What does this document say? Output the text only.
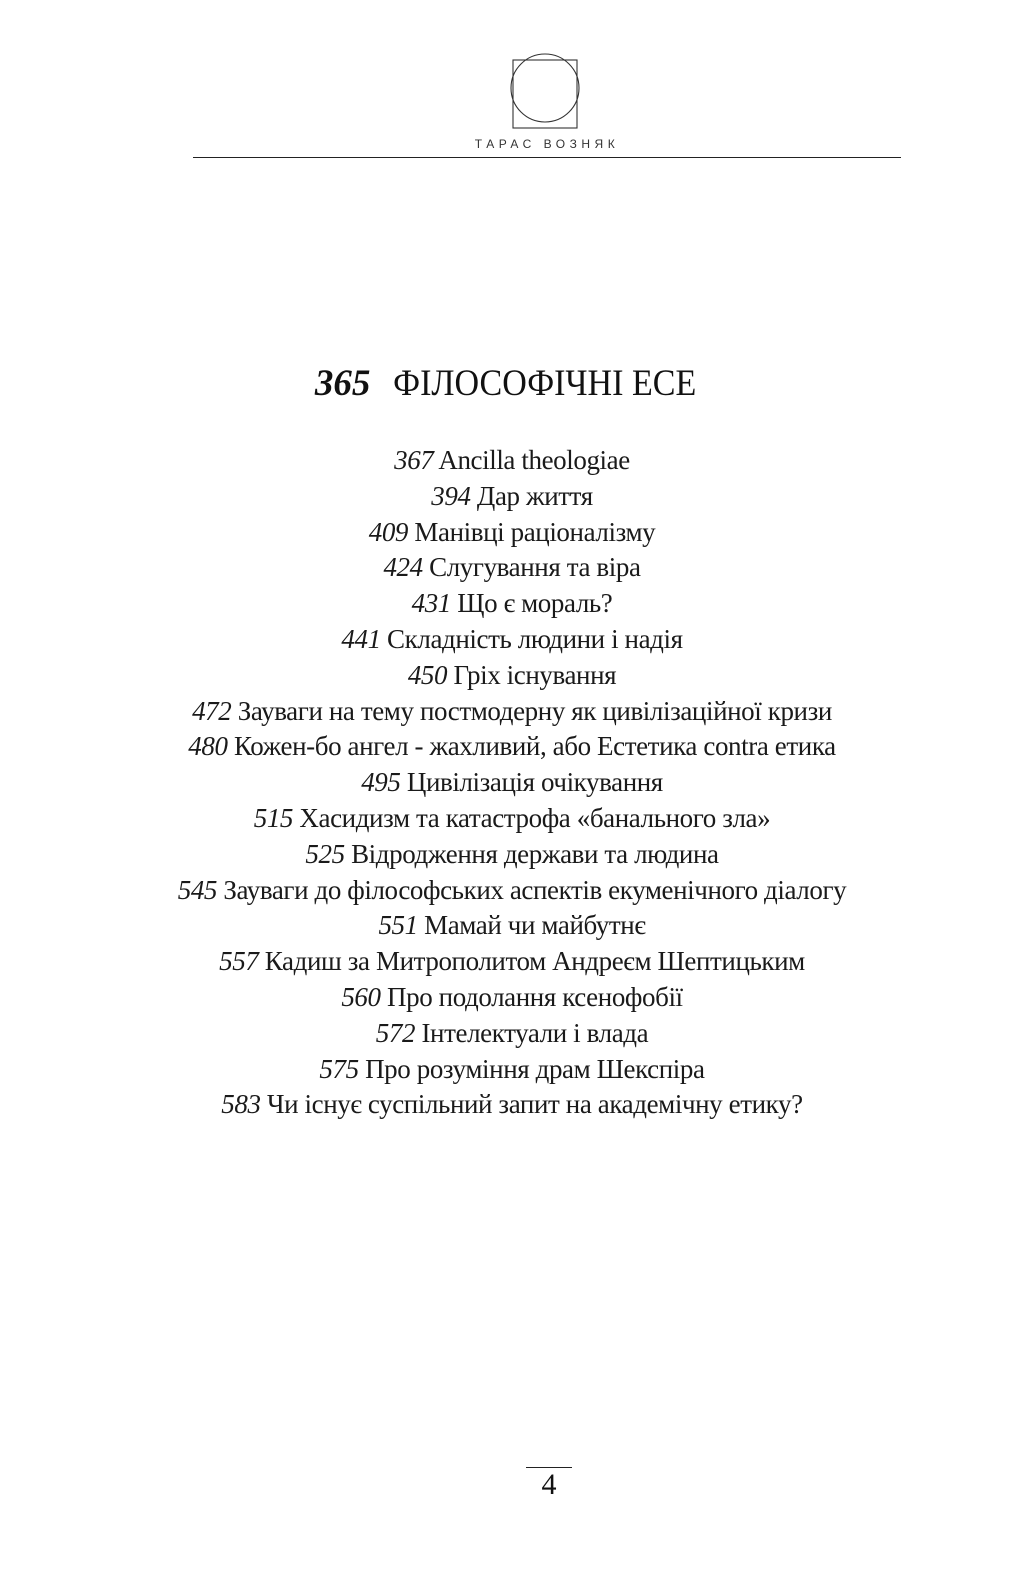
ТАРАС ВОЗНЯК
365 ФІЛОСОФІЧНІ ЕСЕ
367 Ancilla theologiae
394 Дар життя
409 Манівці раціоналізму
424 Слугування та віра
431 Що є мораль?
441 Складність людини і надія
450 Гріх існування
472 Зауваги на тему постмодерну як цивілізаційної кризи
480 Кожен-бо ангел - жахливий, або Естетика contra етика
495 Цивілізація очікування
515 Хасидизм та катастрофа «банального зла»
525 Відродження держави та людина
545 Зауваги до філософських аспектів екуменічного діалогу
551 Мамай чи майбутнє
557 Кадиш за Митрополитом Андреєм Шептицьким
560 Про подолання ксенофобії
572 Інтелектуали і влада
575 Про розуміння драм Шекспіра
583 Чи існує суспільний запит на академічну етику?
4
